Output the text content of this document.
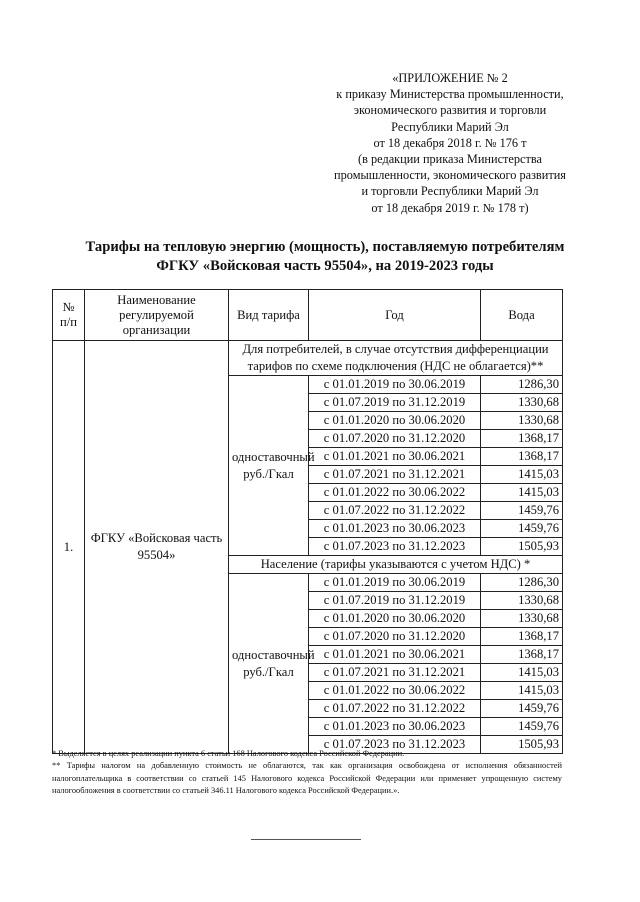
«ПРИЛОЖЕНИЕ № 2
к приказу Министерства промышленности,
экономического развития и торговли
Республики Марий Эл
от 18 декабря 2018 г. № 176 т
(в редакции приказа Министерства
промышленности, экономического развития
и торговли Республики Марий Эл
от 18 декабря 2019 г. № 178 т)
Тарифы на тепловую энергию (мощность), поставляемую потребителям
ФГКУ «Войсковая часть 95504», на 2019-2023 годы
№ п/п	Наименование регулируемой организации	Вид тарифа	Год	Вода
1.	ФГКУ «Войсковая часть 95504»	Для потребителей, в случае отсутствия дифференциации тарифов по схеме подключения (НДС не облагается)**		
		одноставочный руб./Гкал	с 01.01.2019 по 30.06.2019	1286,30
			с 01.07.2019 по 31.12.2019	1330,68
			с 01.01.2020 по 30.06.2020	1330,68
			с 01.07.2020 по 31.12.2020	1368,17
			с 01.01.2021 по 30.06.2021	1368,17
			с 01.07.2021 по 31.12.2021	1415,03
			с 01.01.2022 по 30.06.2022	1415,03
			с 01.07.2022 по 31.12.2022	1459,76
			с 01.01.2023 по 30.06.2023	1459,76
			с 01.07.2023 по 31.12.2023	1505,93
		Население (тарифы указываются с учетом НДС) *		
		одноставочный руб./Гкал	с 01.01.2019 по 30.06.2019	1286,30
			с 01.07.2019 по 31.12.2019	1330,68
			с 01.01.2020 по 30.06.2020	1330,68
			с 01.07.2020 по 31.12.2020	1368,17
			с 01.01.2021 по 30.06.2021	1368,17
			с 01.07.2021 по 31.12.2021	1415,03
			с 01.01.2022 по 30.06.2022	1415,03
			с 01.07.2022 по 31.12.2022	1459,76
			с 01.01.2023 по 30.06.2023	1459,76
			с 01.07.2023 по 31.12.2023	1505,93

* Выделяется в целях реализации пункта 6 статьи 168 Налогового кодекса Российской Федерации.

** Тарифы налогом на добавленную стоимость не облагаются, так как организация освобождена от исполнения обязанностей налогоплательщика в соответствии со статьей 145 Налогового кодекса Российской Федерации или применяет упрощенную систему налогообложения в соответствии со статьей 346.11 Налогового кодекса Российской Федерации.».
